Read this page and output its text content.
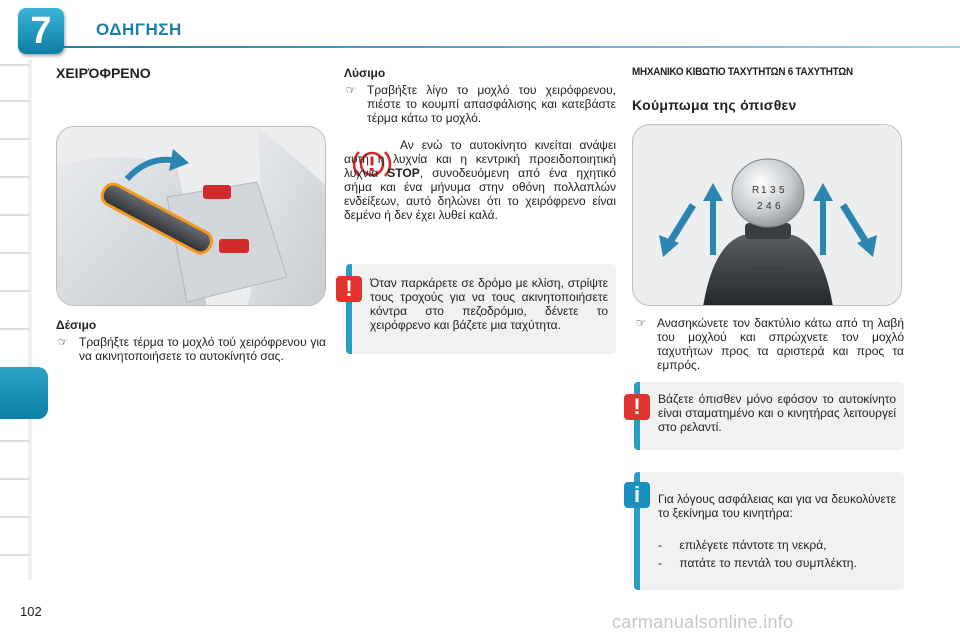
7	ΟΔΗΓΗΣΗ
ΧΕΙΡΌΦΡΕΝΟ
Δέσιμο
☞ Τραβήξτε τέρμα το μοχλό τού χειρόφρενου για να ακινητοποιήσετε το αυτοκίνητό σας.
Λύσιμο
☞ Τραβήξτε λίγο το μοχλό του χειρόφρενου, πιέστε το κουμπί απασφάλισης και κατεβάστε τέρμα κάτω το μοχλό.
Αν ενώ το αυτοκίνητο κινείται ανάψει αυτή η λυχνία και η κεντρική προειδοποιητική λυχνία STOP, συνοδευόμενη από ένα ηχητικό σήμα και ένα μήνυμα στην οθόνη πολλαπλών ενδείξεων, αυτό δηλώνει ότι το χειρόφρενο είναι δεμένο ή δεν έχει λυθεί καλά.
!	Όταν παρκάρετε σε δρόμο με κλίση, στρίψτε τους τροχούς για να τους ακινητοποιήσετε κόντρα στο πεζοδρόμιο, δένετε το χειρόφρενο και βάζετε μια ταχύτητα.
ΜΗΧΑΝΙΚΟ ΚΙΒΩΤΙΟ ΤΑΧΥΤΗΤΩΝ 6 ΤΑΧΥΤΗΤΩΝ
Κούμπωμα της όπισθεν
R 1 3 5
2 4 6
☞ Ανασηκώνετε τον δακτύλιο κάτω από τη λαβή του μοχλού και σπρώχνετε τον μοχλό ταχυτήτων προς τα αριστερά και προς τα εμπρός.
!	Βάζετε όπισθεν μόνο εφόσον το αυτοκίνητο είναι σταματημένο και ο κινητήρας λειτουργεί στο ρελαντί.
i	Για λόγους ασφάλειας και για να δευκολύνετε το ξεκίνημα του κινητήρα:
- επιλέγετε πάντοτε τη νεκρά,
- πατάτε το πεντάλ του συμπλέκτη.
102
carmanualsonline.info
